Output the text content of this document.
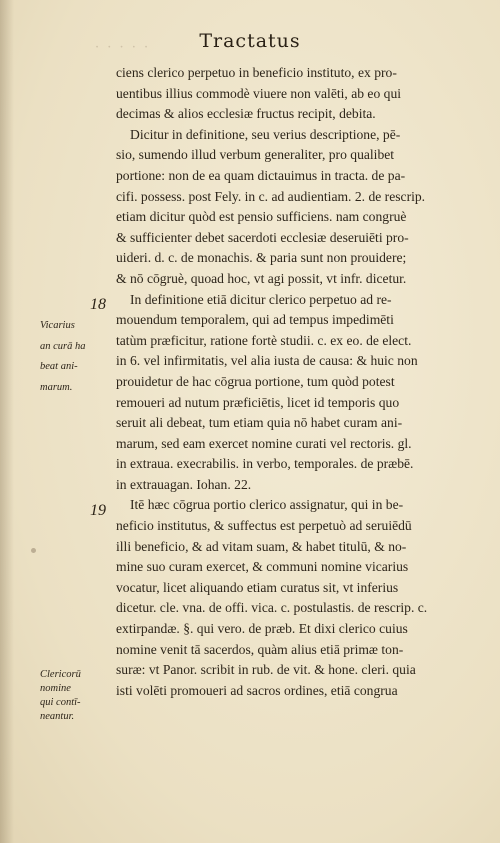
· · · · ·	Tractatus
ciens clerico perpetuo in beneficio instituto, ex pro-
uentibus illius commodè viuere non valēti, ab eo qui
decimas & alios ecclesiæ fructus recipit, debita.
Dicitur in definitione, seu verius descriptione, pē-
sio, sumendo illud verbum generaliter, pro qualibet
portione: non de ea quam dictauimus in tracta. de pa-
cifi. possess. post Fely. in c. ad audientiam. 2. de rescrip.
etiam dicitur quòd est pensio sufficiens. nam congruè
& sufficienter debet sacerdoti ecclesiæ deseruiēti pro-
uideri. d. c. de monachis. & paria sunt non prouidere;
& nō cōgruè, quoad hoc, vt agi possit, vt infr. dicetur.
In definitione etiā dicitur clerico perpetuo ad re-
mouendum temporalem, qui ad tempus impedimēti
tatùm præficitur, ratione fortè studii. c. ex eo. de elect.
in 6. vel infirmitatis, vel alia iusta de causa: & huic non
prouidetur de hac cōgrua portione, tum quòd potest
remoueri ad nutum præficiētis, licet id temporis quo
seruit ali debeat, tum etiam quia nō habet curam ani-
marum, sed eam exercet nomine curati vel rectoris. gl.
in extraua. execrabilis. in verbo, temporales. de præbē.
in extrauagan. Iohan. 22.
Itē hæc cōgrua portio clerico assignatur, qui in be-
neficio institutus, & suffectus est perpetuò ad seruiēdū
illi beneficio, & ad vitam suam, & habet titulū, & no-
mine suo curam exercet, & communi nomine vicarius
vocatur, licet aliquando etiam curatus sit, vt inferius
dicetur. cle. vna. de offi. vica. c. postulastis. de rescrip. c.
extirpandæ. §. qui vero. de præb. Et dixi clerico cuius
nomine venit tā sacerdos, quàm alius etiā primæ ton-
suræ: vt Panor. scribit in rub. de vit. & hone. cleri. quia
isti volēti promoueri ad sacros ordines, etiā congrua
18
19
Vicarius
an curā ha
beat ani-
marum.
Clericorū
nomine
qui contī-
neantur.
